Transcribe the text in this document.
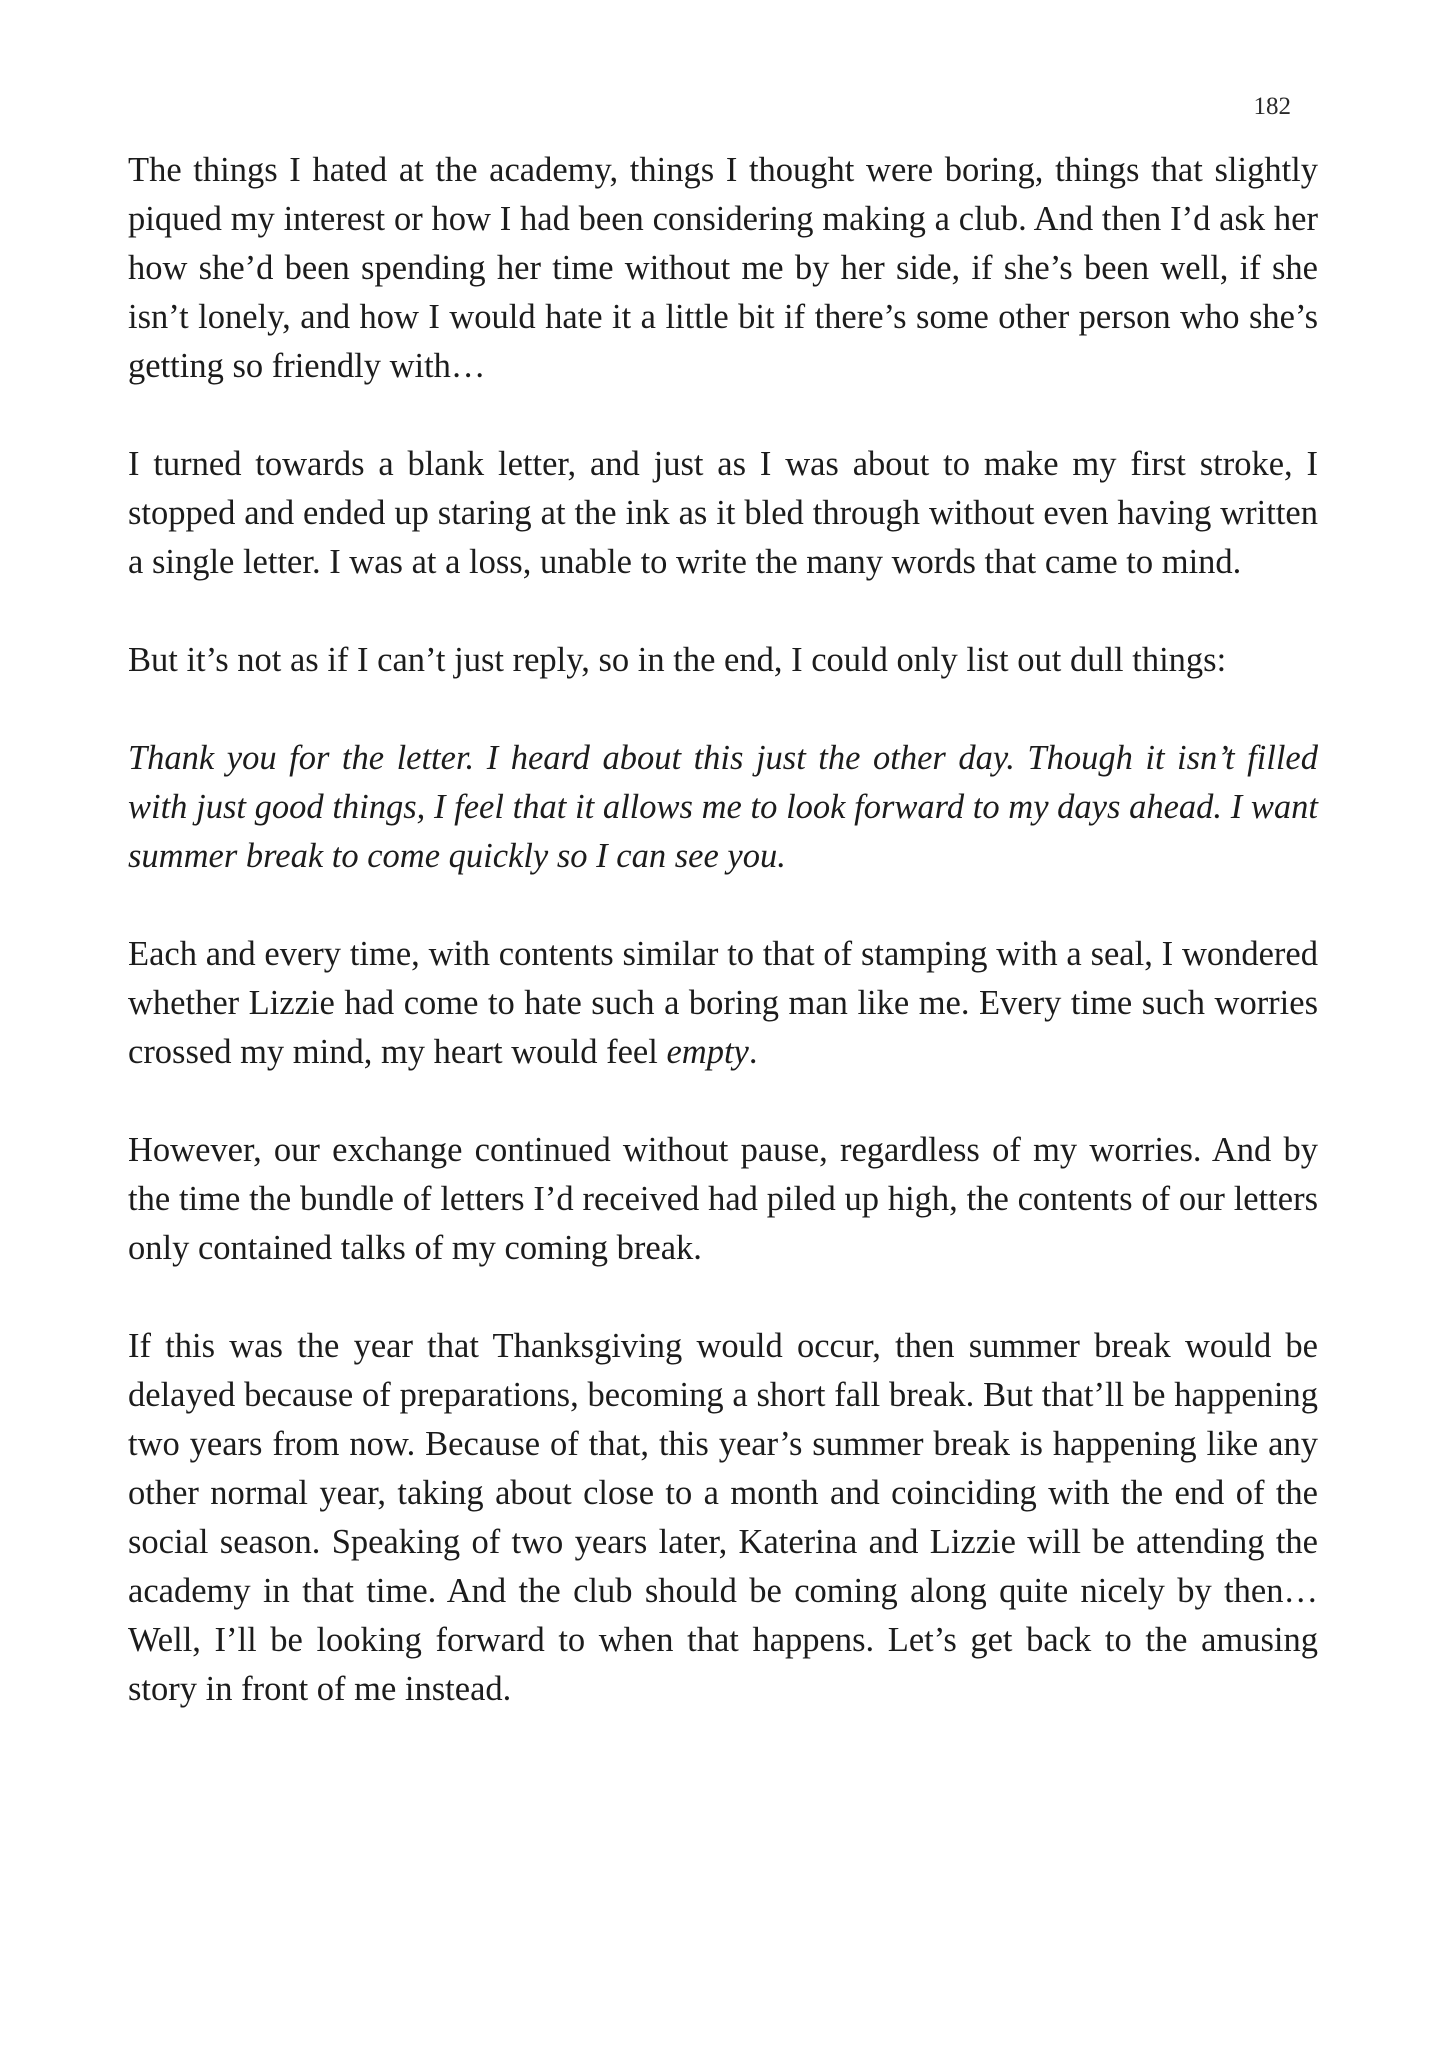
182

The things I hated at the academy, things I thought were boring, things that slightly piqued my interest or how I had been considering making a club. And then I’d ask her how she’d been spending her time without me by her side, if she’s been well, if she isn’t lonely, and how I would hate it a little bit if there’s some other person who she’s getting so friendly with…

I turned towards a blank letter, and just as I was about to make my first stroke, I stopped and ended up staring at the ink as it bled through without even having written a single letter. I was at a loss, unable to write the many words that came to mind.

But it’s not as if I can’t just reply, so in the end, I could only list out dull things:

Thank you for the letter. I heard about this just the other day. Though it isn’t filled with just good things, I feel that it allows me to look forward to my days ahead. I want summer break to come quickly so I can see you.

Each and every time, with contents similar to that of stamping with a seal, I wondered whether Lizzie had come to hate such a boring man like me. Every time such worries crossed my mind, my heart would feel empty.

However, our exchange continued without pause, regardless of my worries. And by the time the bundle of letters I’d received had piled up high, the contents of our letters only contained talks of my coming break.

If this was the year that Thanksgiving would occur, then summer break would be delayed because of preparations, becoming a short fall break. But that’ll be happening two years from now. Because of that, this year’s summer break is happening like any other normal year, taking about close to a month and coinciding with the end of the social season. Speaking of two years later, Katerina and Lizzie will be attending the academy in that time. And the club should be coming along quite nicely by then… Well, I’ll be looking forward to when that happens. Let’s get back to the amusing story in front of me instead.
